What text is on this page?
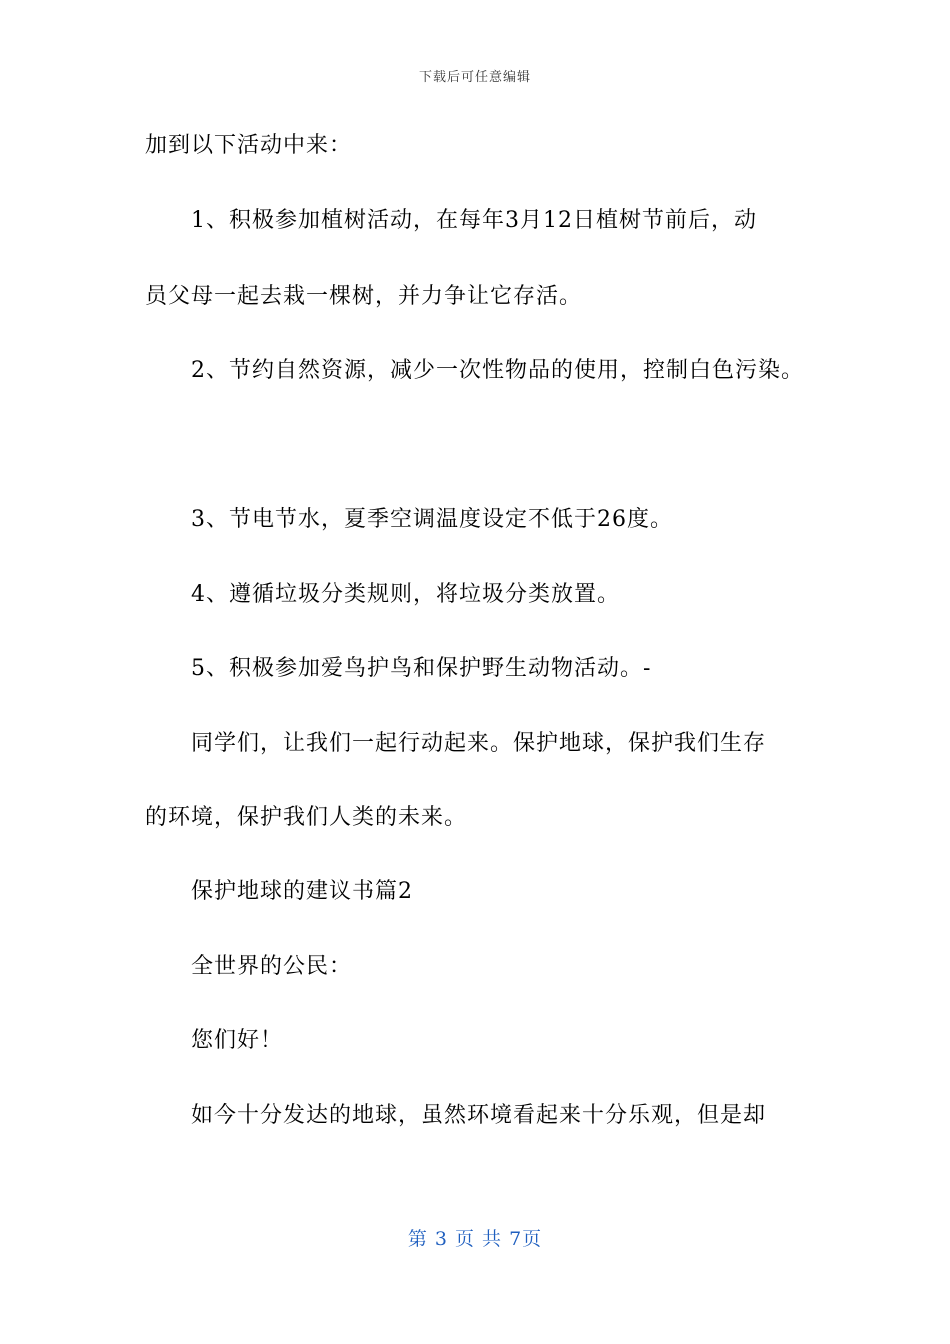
下载后可任意编辑
加到以下活动中来：
1、积极参加植树活动，在每年3月12日植树节前后，动
员父母一起去栽一棵树，并力争让它存活。
2、节约自然资源，减少一次性物品的使用，控制白色污染。
3、节电节水，夏季空调温度设定不低于26度。
4、遵循垃圾分类规则，将垃圾分类放置。
5、积极参加爱鸟护鸟和保护野生动物活动。-
同学们，让我们一起行动起来。保护地球，保护我们生存
的环境，保护我们人类的未来。
保护地球的建议书篇2
全世界的公民：
您们好！
如今十分发达的地球，虽然环境看起来十分乐观，但是却
第 3 页 共 7页
